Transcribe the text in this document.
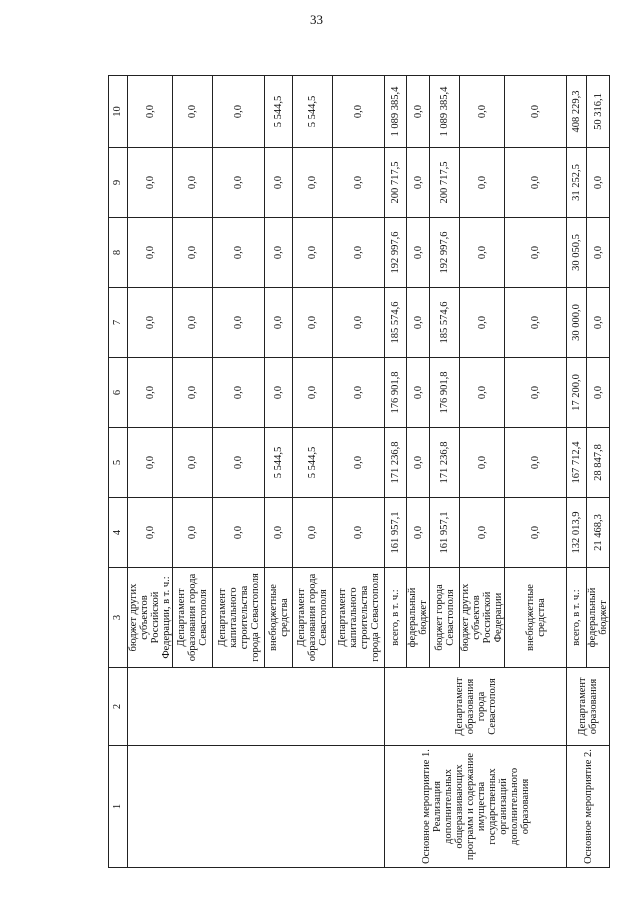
33
1	2	3	4	5	6	7	8	9	10
		бюджет других субъектов Российской Федерации, в т. ч.:	0,0	0,0	0,0	0,0	0,0	0,0	0,0
		Департамент образования города Севастополя	0,0	0,0	0,0	0,0	0,0	0,0	0,0
		Департамент капитального строительства города Севастополя	0,0	0,0	0,0	0,0	0,0	0,0	0,0
		внебюджетные средства	0,0	5 544,5	0,0	0,0	0,0	0,0	5 544,5
		Департамент образования города Севастополя	0,0	5 544,5	0,0	0,0	0,0	0,0	5 544,5
		Департамент капитального строительства города Севастополя	0,0	0,0	0,0	0,0	0,0	0,0	0,0
Основное мероприятие 1. Реализация дополнительных общеразвивающих программ и содержание имущества государственных организаций дополнительного образования	Департамент образования города Севастополя	всего, в т. ч.:	161 957,1	171 236,8	176 901,8	185 574,6	192 997,6	200 717,5	1 089 385,4
		федеральный бюджет	0,0	0,0	0,0	0,0	0,0	0,0	0,0
		бюджет города Севастополя	161 957,1	171 236,8	176 901,8	185 574,6	192 997,6	200 717,5	1 089 385,4
		бюджет других субъектов Российской Федерации	0,0	0,0	0,0	0,0	0,0	0,0	0,0
		внебюджетные средства	0,0	0,0	0,0	0,0	0,0	0,0	0,0
Основное мероприятие 2.	Департамент образования	всего, в т. ч.:	132 013,9	167 712,4	17 200,0	30 000,0	30 050,5	31 252,5	408 229,3
		федеральный бюджет	21 468,3	28 847,8	0,0	0,0	0,0	0,0	50 316,1
